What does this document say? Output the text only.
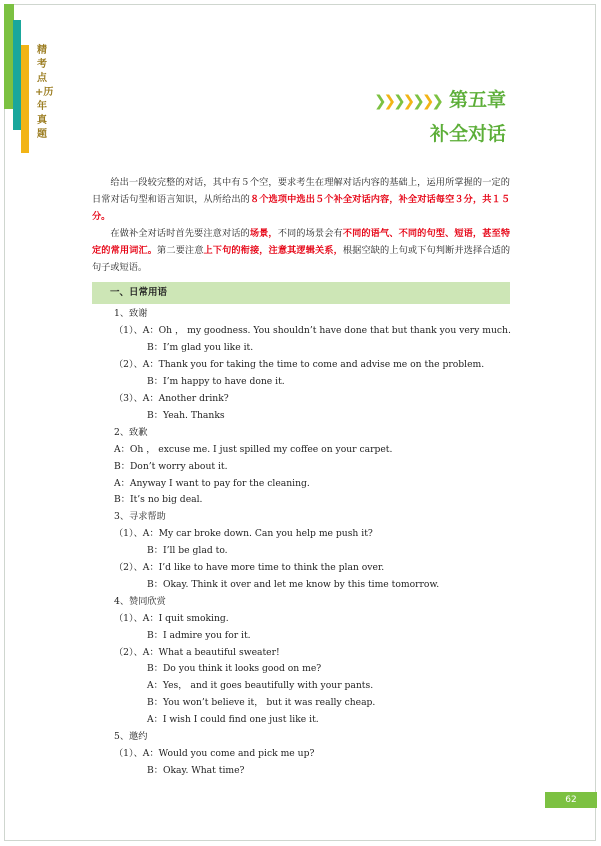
精考点+历年真题
❯❯❯❯❯❯❯ 第五章
补全对话

给出一段较完整的对话，其中有５个空，要求考生在理解对话内容的基础上，运用所掌握的一定的日常对话句型和语言知识，从所给出的８个选项中选出５个补全对话内容，补全对话每空３分，共１５分。

在做补全对话时首先要注意对话的场景，不同的场景会有不同的语气、不同的句型、短语，甚至特定的常用词汇。第二要注意上下句的衔接，注意其逻辑关系，根据空缺的上句或下句判断并选择合适的句子或短语。

一、日常用语

1、致谢

（1）、A：Oh ， my goodness. You shouldn’t have done that but thank you very much.

B：I’m glad you like it.

（2）、A：Thank you for taking the time to come and advise me on the problem.

B：I’m happy to have done it.

（3）、A：Another drink?

B：Yeah. Thanks

2、致歉

A：Oh ， excuse me. I just spilled my coffee on your carpet.

B：Don’t worry about it.

A：Anyway I want to pay for the cleaning.

B：It’s no big deal.

3、寻求帮助

（1）、A：My car broke down. Can you help me push it?

B：I’ll be glad to.

（2）、A：I’d like to have more time to think the plan over.

B：Okay. Think it over and let me know by this time tomorrow.

4、赞同欣赏

（1）、A：I quit smoking.

B：I admire you for it.

（2）、A：What a beautiful sweater!

B：Do you think it looks good on me?

A：Yes， and it goes beautifully with your pants.

B：You won’t believe it， but it was really cheap.

A：I wish I could find one just like it.

5、邀约

（1）、A：Would you come and pick me up?

B：Okay. What time?

62
